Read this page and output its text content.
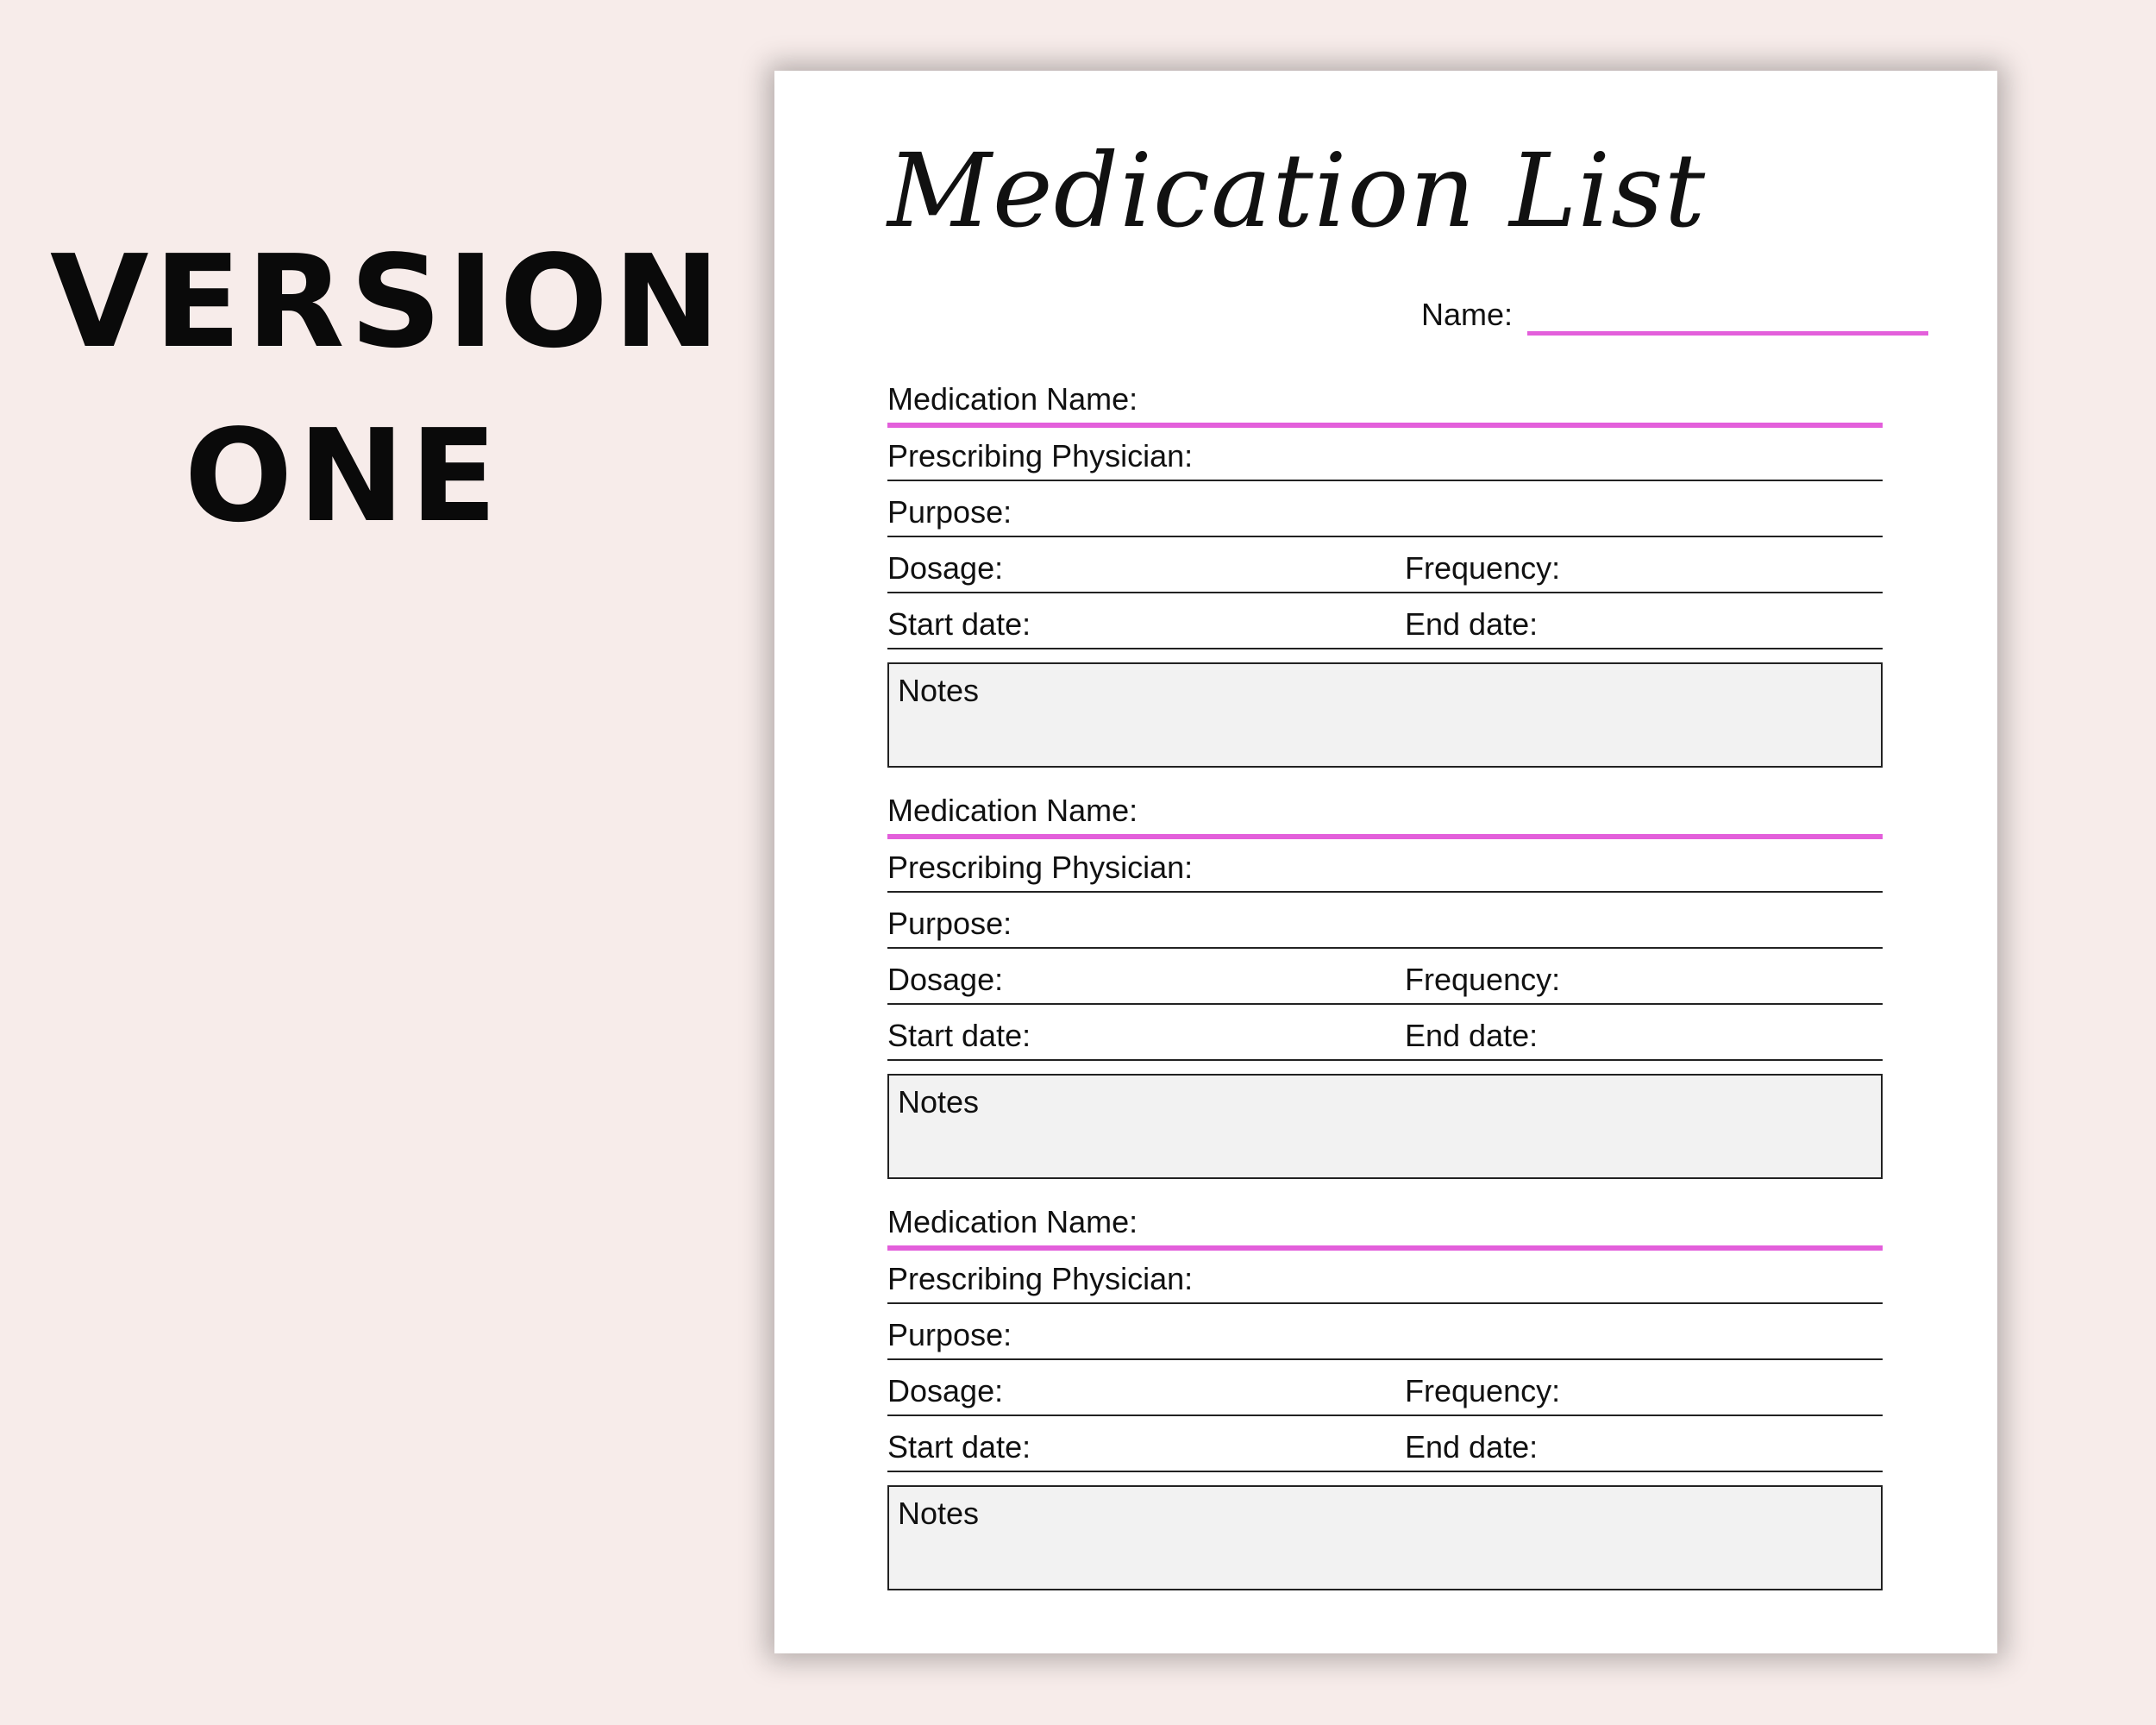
VERSION
ONE
Medication List
Name:
Medication Name:
Prescribing Physician:
Purpose:
Dosage:	Frequency:
Start date:	End date:
Notes
Medication Name:
Prescribing Physician:
Purpose:
Dosage:	Frequency:
Start date:	End date:
Notes
Medication Name:
Prescribing Physician:
Purpose:
Dosage:	Frequency:
Start date:	End date:
Notes
